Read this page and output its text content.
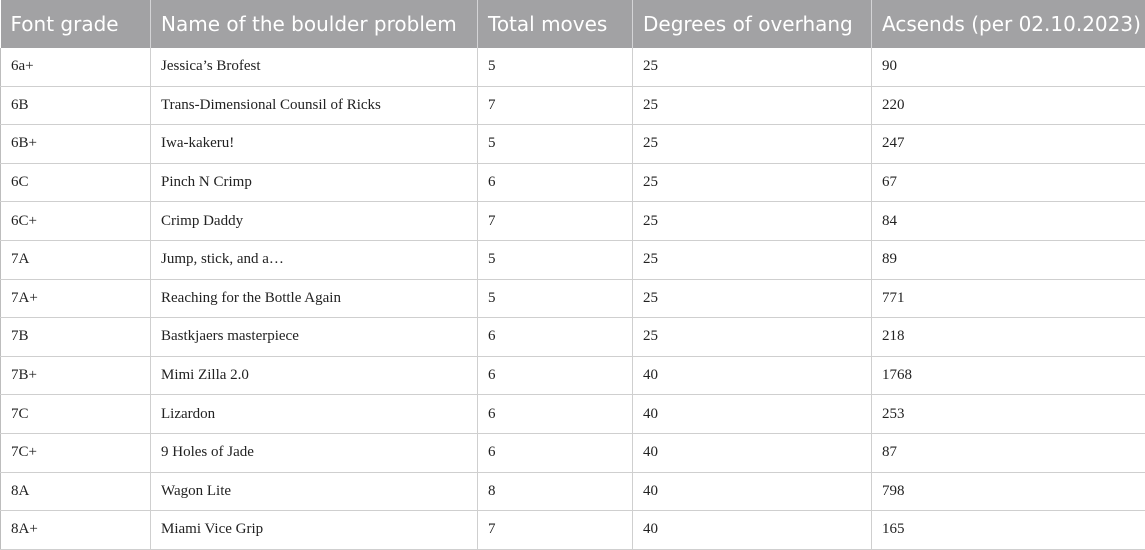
Font grade	Name of the boulder problem	Total moves	Degrees of overhang	Acsends (per 02.10.2023)
6a+	Jessica’s Brofest	5	25	90
6B	Trans-Dimensional Counsil of Ricks	7	25	220
6B+	Iwa-kakeru!	5	25	247
6C	Pinch N Crimp	6	25	67
6C+	Crimp Daddy	7	25	84
7A	Jump, stick, and a…	5	25	89
7A+	Reaching for the Bottle Again	5	25	771
7B	Bastkjaers masterpiece	6	25	218
7B+	Mimi Zilla 2.0	6	40	1768
7C	Lizardon	6	40	253
7C+	9 Holes of Jade	6	40	87
8A	Wagon Lite	8	40	798
8A+	Miami Vice Grip	7	40	165
